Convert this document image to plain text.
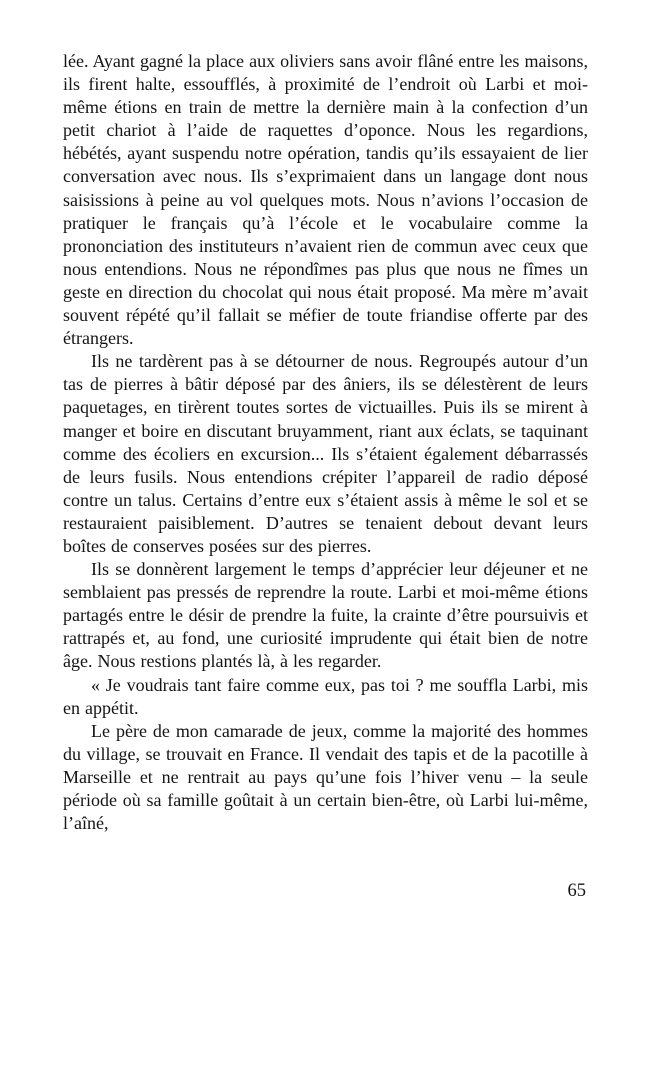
lée. Ayant gagné la place aux oliviers sans avoir flâné entre les maisons, ils firent halte, essoufflés, à proximité de l’endroit où Larbi et moi-même étions en train de mettre la dernière main à la confection d’un petit chariot à l’aide de raquettes d’oponce. Nous les regardions, hébétés, ayant suspendu notre opération, tandis qu’ils essayaient de lier conversation avec nous. Ils s’exprimaient dans un langage dont nous saisissions à peine au vol quelques mots. Nous n’avions l’occasion de pratiquer le français qu’à l’école et le vocabulaire comme la prononciation des instituteurs n’avaient rien de commun avec ceux que nous entendions. Nous ne répondîmes pas plus que nous ne fîmes un geste en direction du chocolat qui nous était proposé. Ma mère m’avait souvent répété qu’il fallait se méfier de toute friandise offerte par des étrangers.

Ils ne tardèrent pas à se détourner de nous. Regroupés autour d’un tas de pierres à bâtir déposé par des âniers, ils se délestèrent de leurs paquetages, en tirèrent toutes sortes de victuailles. Puis ils se mirent à manger et boire en discutant bruyamment, riant aux éclats, se taquinant comme des écoliers en excursion... Ils s’étaient également débarrassés de leurs fusils. Nous entendions crépiter l’appareil de radio déposé contre un talus. Certains d’entre eux s’étaient assis à même le sol et se restauraient paisiblement. D’autres se tenaient debout devant leurs boîtes de conserves posées sur des pierres.

Ils se donnèrent largement le temps d’apprécier leur déjeuner et ne semblaient pas pressés de reprendre la route. Larbi et moi-même étions partagés entre le désir de prendre la fuite, la crainte d’être poursuivis et rattrapés et, au fond, une curiosité imprudente qui était bien de notre âge. Nous restions plantés là, à les regarder.

« Je voudrais tant faire comme eux, pas toi ? me souffla Larbi, mis en appétit.

Le père de mon camarade de jeux, comme la majorité des hommes du village, se trouvait en France. Il vendait des tapis et de la pacotille à Marseille et ne rentrait au pays qu’une fois l’hiver venu – la seule période où sa famille goûtait à un certain bien-être, où Larbi lui-même, l’aîné,

65
